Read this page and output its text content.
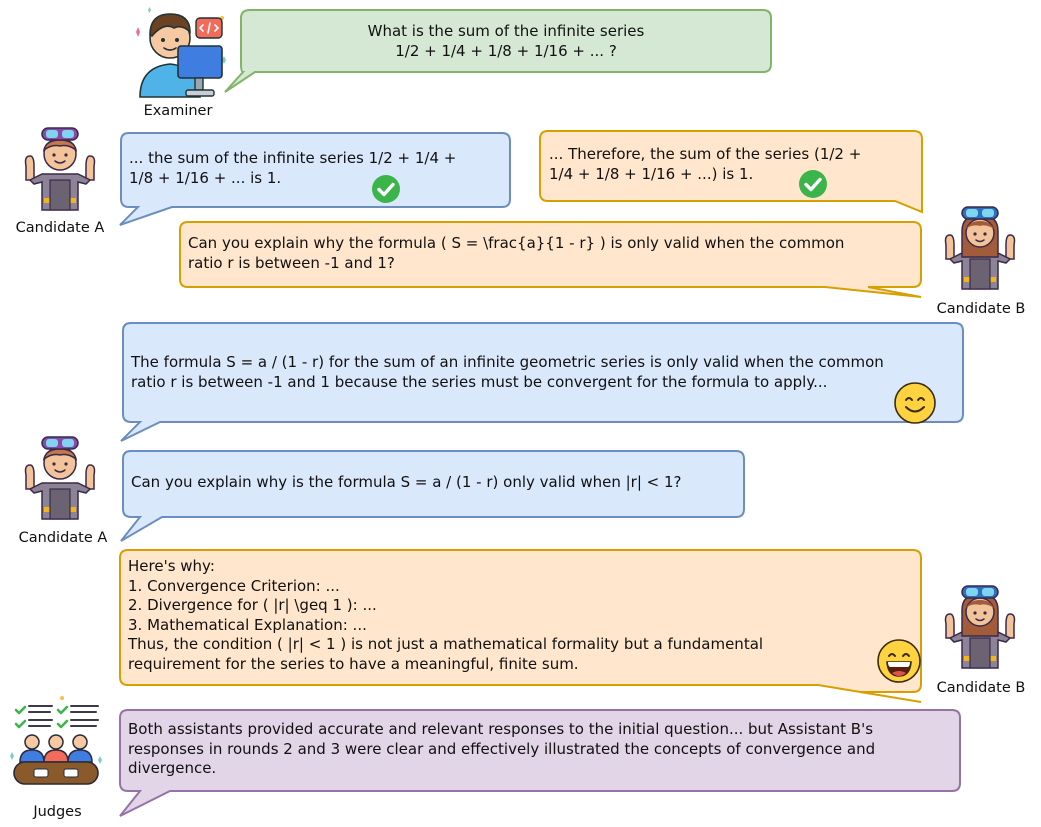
What is the sum of the infinite series
1/2 + 1/4 + 1/8 + 1/16 + ... ?
... the sum of the infinite series 1/2 + 1/4 +
1/8 + 1/16 + ... is 1.
... Therefore, the sum of the series (1/2 +
1/4 + 1/8 + 1/16 + ...) is 1.
Can you explain why the formula ( S = \frac{a}{1 - r} ) is only valid when the common
ratio r is between -1 and 1?
The formula S = a / (1 - r) for the sum of an infinite geometric series is only valid when the common
ratio r is between -1 and 1 because the series must be convergent for the formula to apply...
Can you explain why is the formula S = a / (1 - r) only valid when |r| < 1?
Here's why:
1. Convergence Criterion: ...
2. Divergence for ( |r| \geq 1 ): ...
3. Mathematical Explanation: ...
Thus, the condition ( |r| < 1 ) is not just a mathematical formality but a fundamental
requirement for the series to have a meaningful, finite sum.
Both assistants provided accurate and relevant responses to the initial question... but Assistant B's
responses in rounds 2 and 3 were clear and effectively illustrated the concepts of convergence and
divergence.
Examiner
Candidate A
Candidate A
Candidate B
Candidate B
Judges
